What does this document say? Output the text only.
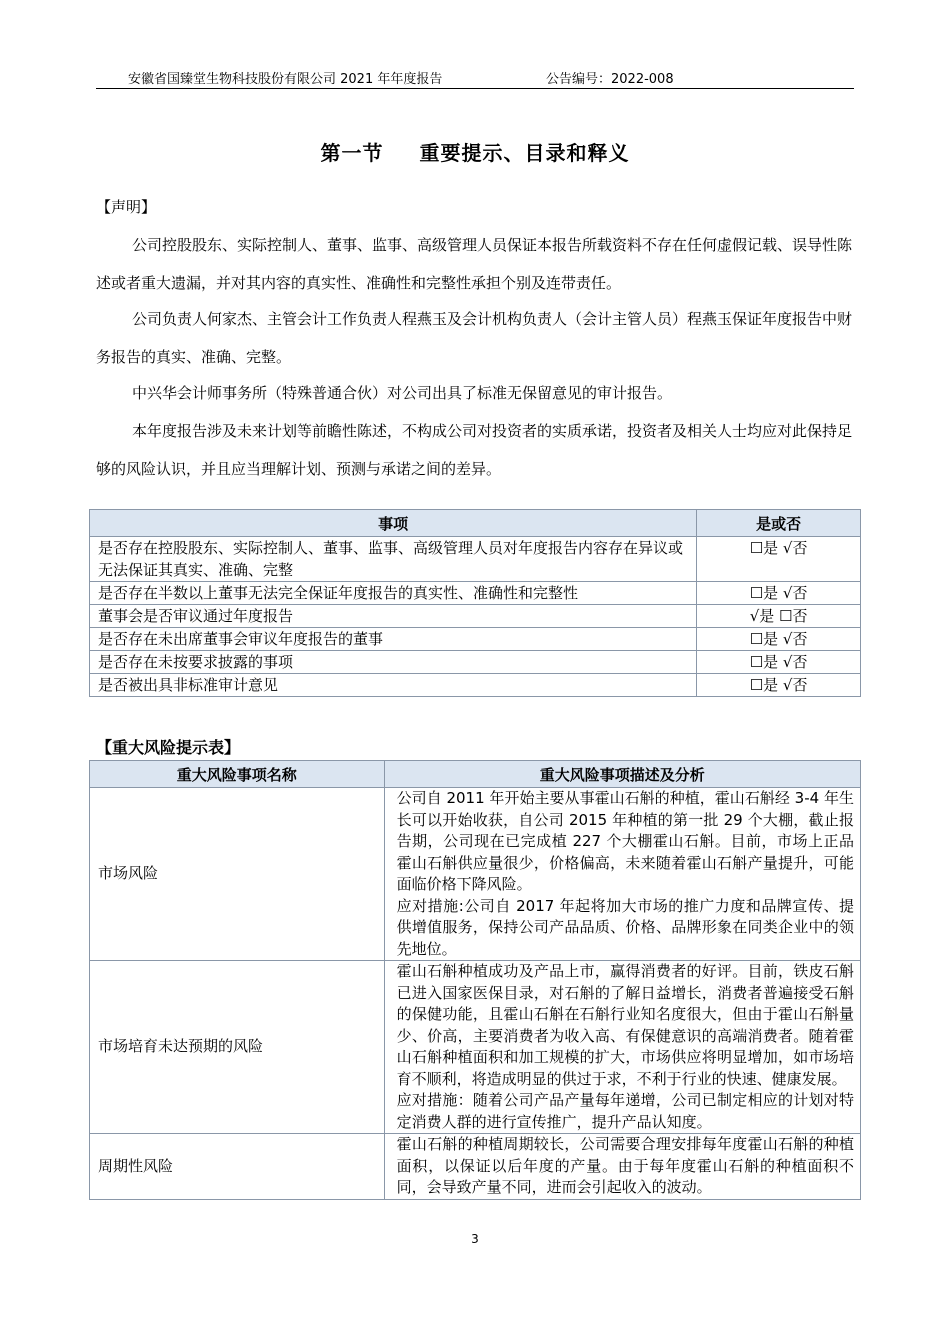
安徽省国臻堂生物科技股份有限公司 2021 年年度报告	公告编号：2022-008
第一节 重要提示、目录和释义
【声明】
公司控股股东、实际控制人、董事、监事、高级管理人员保证本报告所载资料不存在任何虚假记载、误导性陈述或者重大遗漏，并对其内容的真实性、准确性和完整性承担个别及连带责任。
公司负责人何家杰、主管会计工作负责人程燕玉及会计机构负责人（会计主管人员）程燕玉保证年度报告中财务报告的真实、准确、完整。
中兴华会计师事务所（特殊普通合伙）对公司出具了标准无保留意见的审计报告。
本年度报告涉及未来计划等前瞻性陈述，不构成公司对投资者的实质承诺，投资者及相关人士均应对此保持足够的风险认识，并且应当理解计划、预测与承诺之间的差异。
事项	是或否
是否存在控股股东、实际控制人、董事、监事、高级管理人员对年度报告内容存在异议或无法保证其真实、准确、完整	☐是 √否
是否存在半数以上董事无法完全保证年度报告的真实性、准确性和完整性	☐是 √否
董事会是否审议通过年度报告	√是 ☐否
是否存在未出席董事会审议年度报告的董事	☐是 √否
是否存在未按要求披露的事项	☐是 √否
是否被出具非标准审计意见	☐是 √否
【重大风险提示表】
重大风险事项名称	重大风险事项描述及分析
市场风险	公司自 2011 年开始主要从事霍山石斛的种植，霍山石斛经 3-4 年生长可以开始收获，自公司 2015 年种植的第一批 29 个大棚，截止报告期，公司现在已完成植 227 个大棚霍山石斛。目前，市场上正品霍山石斛供应量很少，价格偏高，未来随着霍山石斛产量提升，可能面临价格下降风险。
应对措施:公司自 2017 年起将加大市场的推广力度和品牌宣传、提供增值服务，保持公司产品品质、价格、品牌形象在同类企业中的领先地位。

市场培育未达预期的风险	霍山石斛种植成功及产品上市，赢得消费者的好评。目前，铁皮石斛已进入国家医保目录，对石斛的了解日益增长，消费者普遍接受石斛的保健功能，且霍山石斛在石斛行业知名度很大，但由于霍山石斛量少、价高，主要消费者为收入高、有保健意识的高端消费者。随着霍山石斛种植面积和加工规模的扩大，市场供应将明显增加，如市场培育不顺利，将造成明显的供过于求，不利于行业的快速、健康发展。
应对措施：随着公司产品产量每年递增，公司已制定相应的计划对特定消费人群的进行宣传推广，提升产品认知度。

周期性风险	霍山石斛的种植周期较长，公司需要合理安排每年度霍山石斛的种植面积，以保证以后年度的产量。由于每年度霍山石斛的种植面积不同，会导致产量不同，进而会引起收入的波动。
3
